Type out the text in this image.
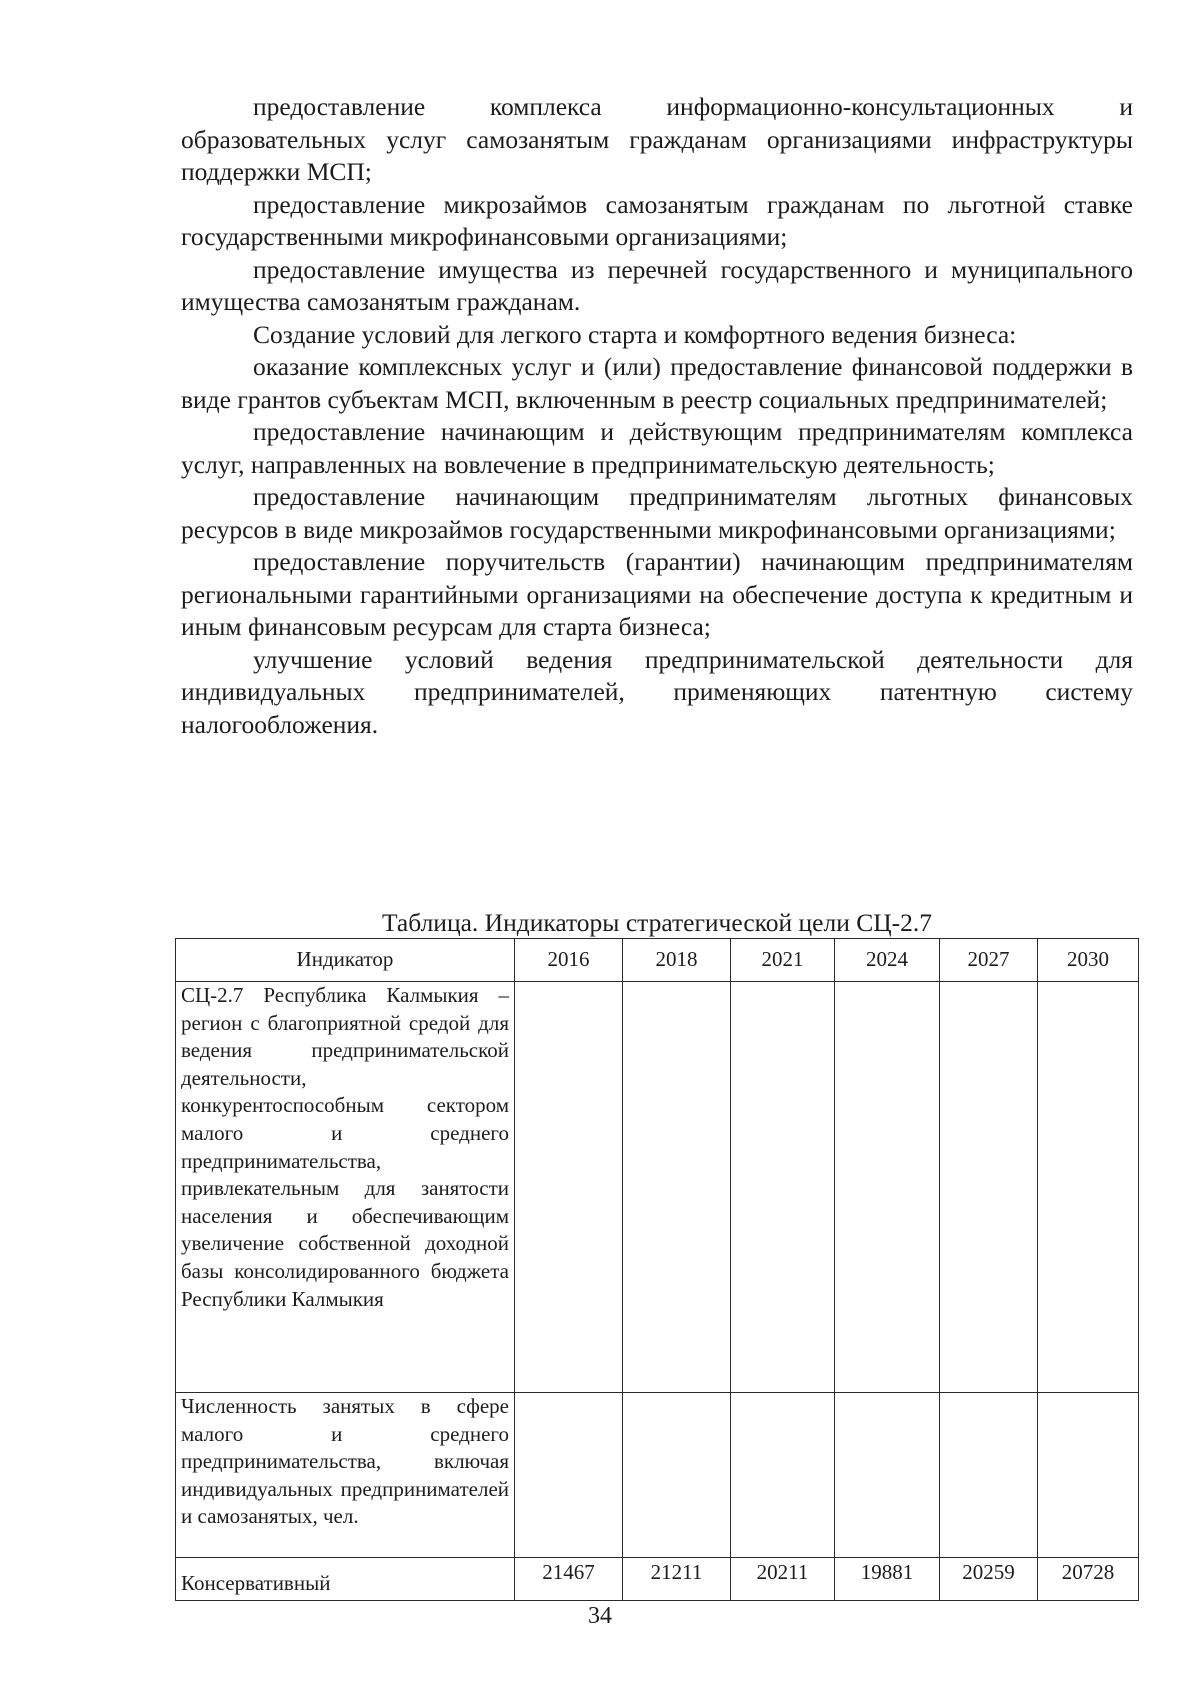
предоставление комплекса информационно-консультационных и образовательных услуг самозанятым гражданам организациями инфраструктуры поддержки МСП;

предоставление микрозаймов самозанятым гражданам по льготной ставке государственными микрофинансовыми организациями;

предоставление имущества из перечней государственного и муниципального имущества самозанятым гражданам.

Создание условий для легкого старта и комфортного ведения бизнеса:

оказание комплексных услуг и (или) предоставление финансовой поддержки в виде грантов субъектам МСП, включенным в реестр социальных предпринимателей;

предоставление начинающим и действующим предпринимателям комплекса услуг, направленных на вовлечение в предпринимательскую деятельность;

предоставление начинающим предпринимателям льготных финансовых ресурсов в виде микрозаймов государственными микрофинансовыми организациями;

предоставление поручительств (гарантии) начинающим предпринимателям региональными гарантийными организациями на обеспечение доступа к кредитным и иным финансовым ресурсам для старта бизнеса;

улучшение условий ведения предпринимательской деятельности для индивидуальных предпринимателей, применяющих патентную систему налогообложения.

Таблица. Индикаторы стратегической цели СЦ-2.7
Индикатор	2016	2018	2021	2024	2027	2030
СЦ-2.7 Республика Калмыкия – регион с благоприятной средой для ведения предпринимательской деятельности, конкурентоспособным сектором малого и среднего предпринимательства, привлекательным для занятости населения и обеспечивающим увеличение собственной доходной базы консолидированного бюджета Республики Калмыкия						
Численность занятых в сфере малого и среднего предпринимательства, включая индивидуальных предпринимателей и самозанятых, чел.						
Консервативный	21467	21211	20211	19881	20259	20728
34
